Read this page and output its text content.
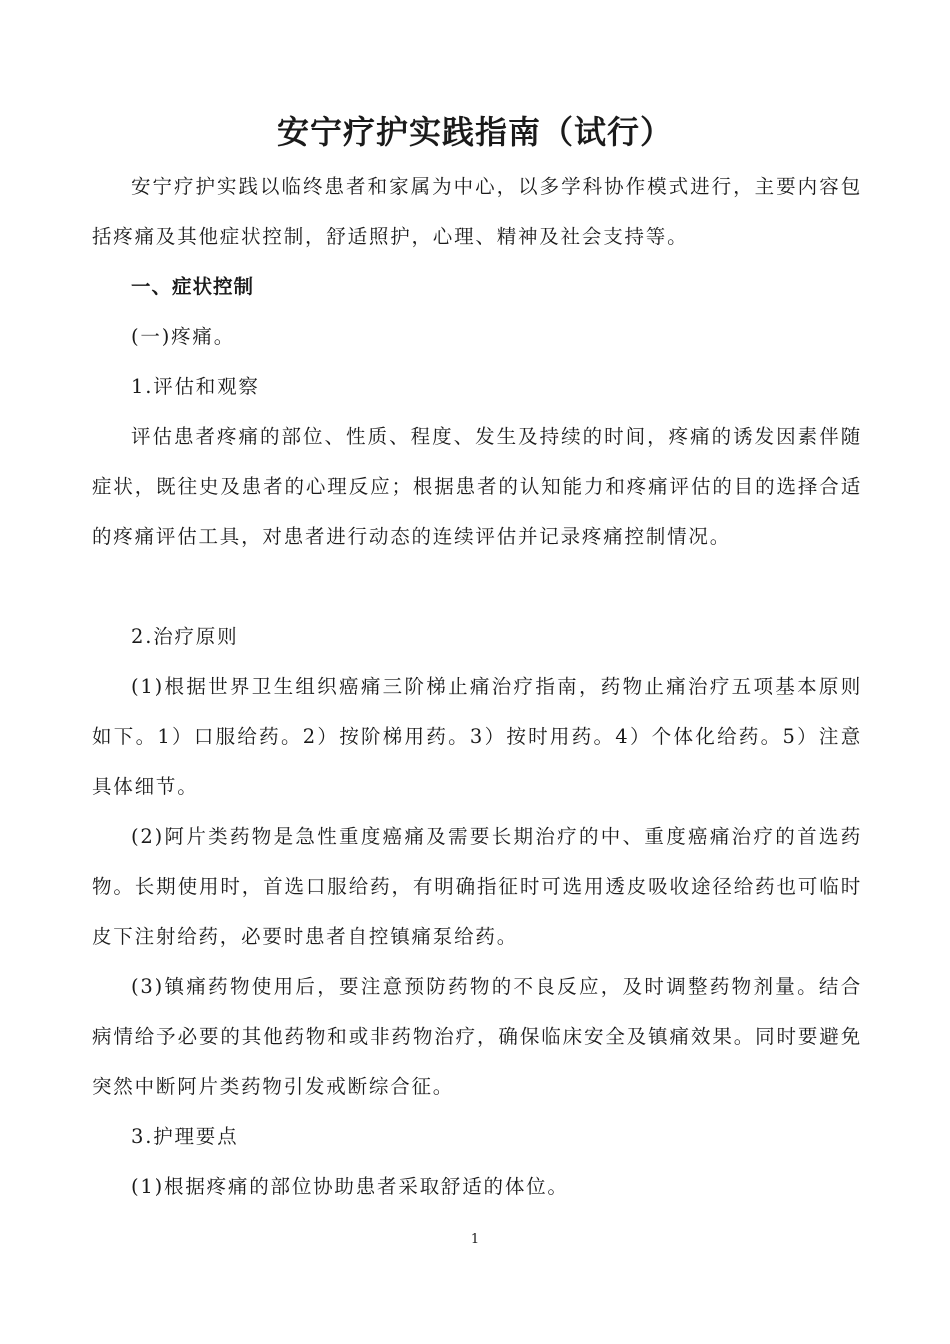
安宁疗护实践指南（试行）

安宁疗护实践以临终患者和家属为中心，以多学科协作模式进行，主要内容包括疼痛及其他症状控制，舒适照护，心理、精神及社会支持等。

一、症状控制

(一)疼痛。

1.评估和观察

评估患者疼痛的部位、性质、程度、发生及持续的时间，疼痛的诱发因素伴随症状，既往史及患者的心理反应；根据患者的认知能力和疼痛评估的目的选择合适的疼痛评估工具，对患者进行动态的连续评估并记录疼痛控制情况。

2.治疗原则

(1)根据世界卫生组织癌痛三阶梯止痛治疗指南，药物止痛治疗五项基本原则如下。1）口服给药。2）按阶梯用药。3）按时用药。4）个体化给药。5）注意具体细节。

(2)阿片类药物是急性重度癌痛及需要长期治疗的中、重度癌痛治疗的首选药物。长期使用时，首选口服给药，有明确指征时可选用透皮吸收途径给药也可临时皮下注射给药，必要时患者自控镇痛泵给药。

(3)镇痛药物使用后，要注意预防药物的不良反应，及时调整药物剂量。结合病情给予必要的其他药物和或非药物治疗，确保临床安全及镇痛效果。同时要避免突然中断阿片类药物引发戒断综合征。

3.护理要点

(1)根据疼痛的部位协助患者采取舒适的体位。

1
